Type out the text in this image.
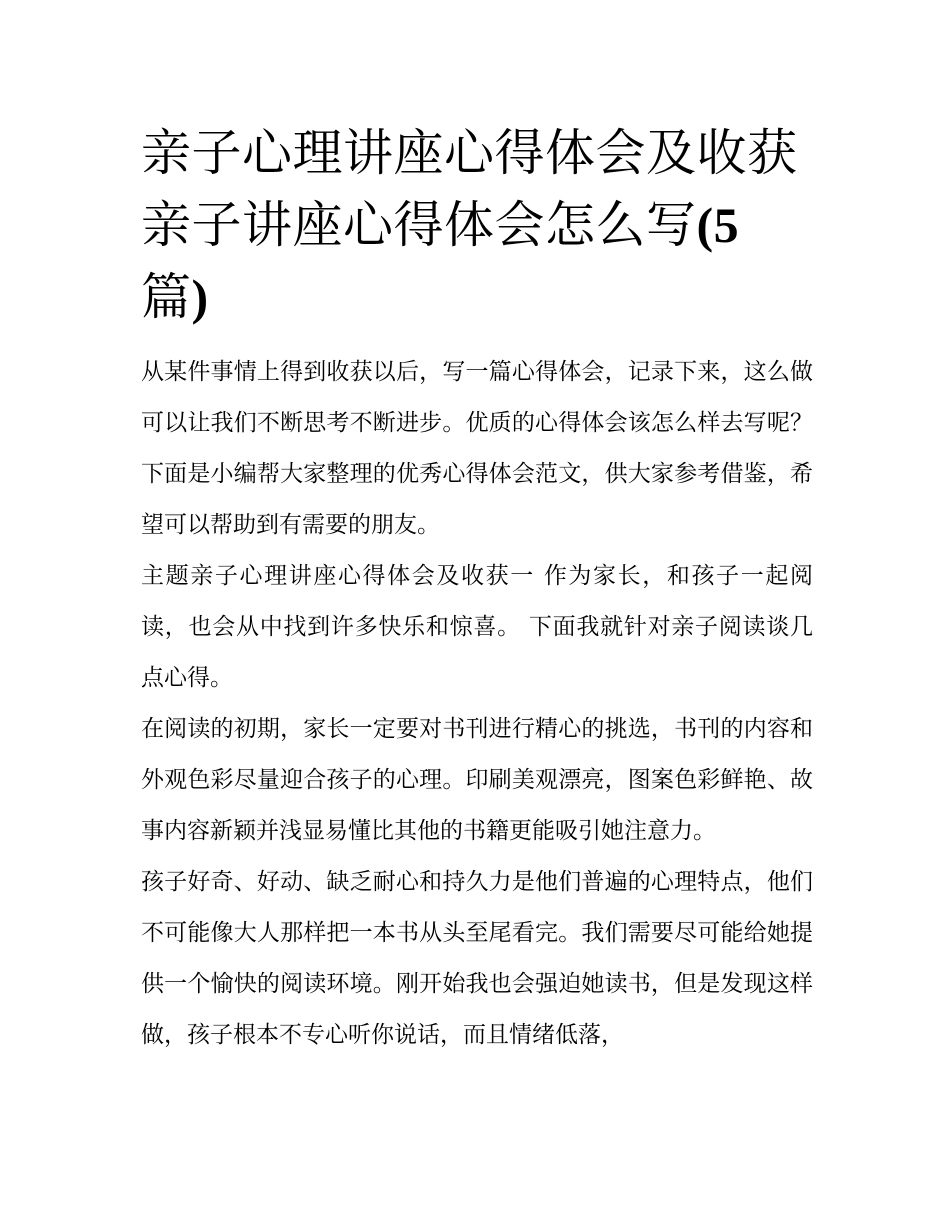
亲子心理讲座心得体会及收获
亲子讲座心得体会怎么写(5
篇)

从某件事情上得到收获以后，写一篇心得体会，记录下来，这么做可以让我们不断思考不断进步。优质的心得体会该怎么样去写呢？下面是小编帮大家整理的优秀心得体会范文，供大家参考借鉴，希望可以帮助到有需要的朋友。

主题亲子心理讲座心得体会及收获一 作为家长，和孩子一起阅读，也会从中找到许多快乐和惊喜。 下面我就针对亲子阅读谈几点心得。

在阅读的初期，家长一定要对书刊进行精心的挑选，书刊的内容和外观色彩尽量迎合孩子的心理。印刷美观漂亮，图案色彩鲜艳、故事内容新颖并浅显易懂比其他的书籍更能吸引她注意力。

孩子好奇、好动、缺乏耐心和持久力是他们普遍的心理特点，他们不可能像大人那样把一本书从头至尾看完。我们需要尽可能给她提供一个愉快的阅读环境。刚开始我也会强迫她读书，但是发现这样做，孩子根本不专心听你说话，而且情绪低落，
